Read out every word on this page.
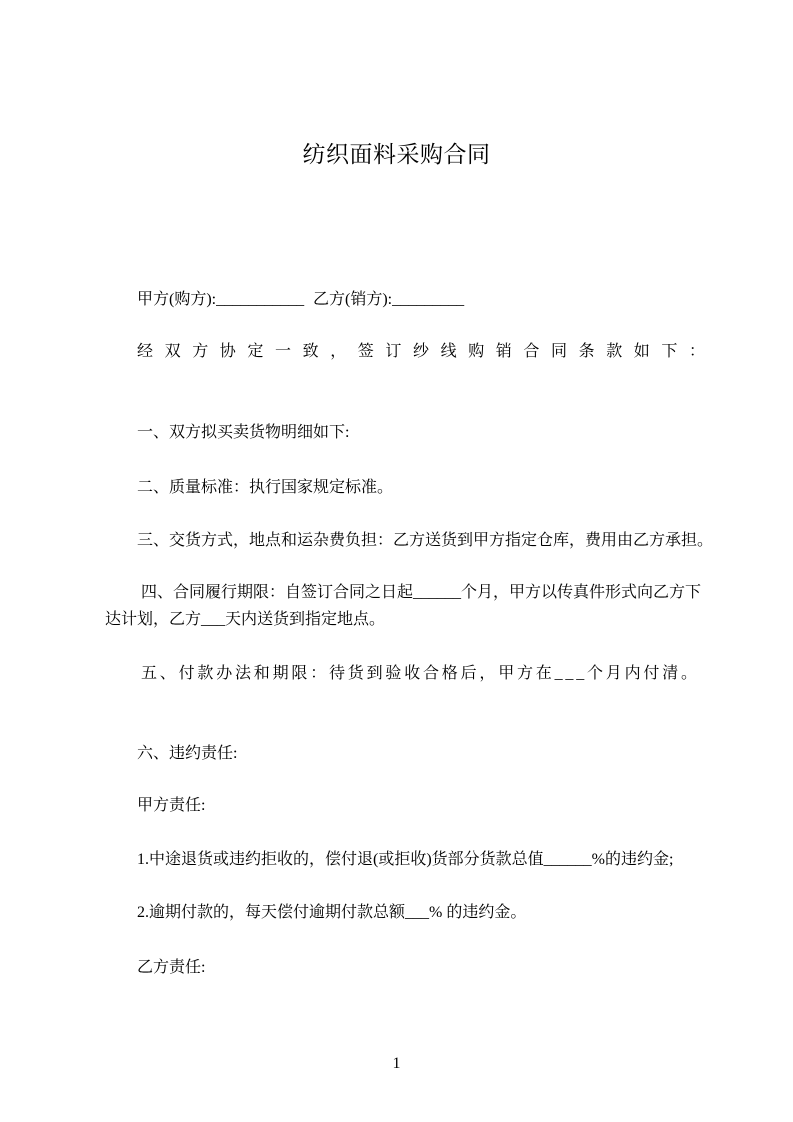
纺织面料采购合同

甲方(购方):___________ 乙方(销方):_________

经双方协定一致，签订纱线购销合同条款如下：

一、双方拟买卖货物明细如下:

二、质量标准：执行国家规定标准。

三、交货方式，地点和运杂费负担：乙方送货到甲方指定仓库，费用由乙方承担。

四、合同履行期限：自签订合同之日起______个月，甲方以传真件形式向乙方下

达计划，乙方___天内送货到指定地点。

五、付款办法和期限：待货到验收合格后，甲方在___个月内付清。

六、违约责任:

甲方责任:

1.中途退货或违约拒收的，偿付退(或拒收)货部分货款总值______%的违约金;

2.逾期付款的，每天偿付逾期付款总额___% 的违约金。

乙方责任:

1
